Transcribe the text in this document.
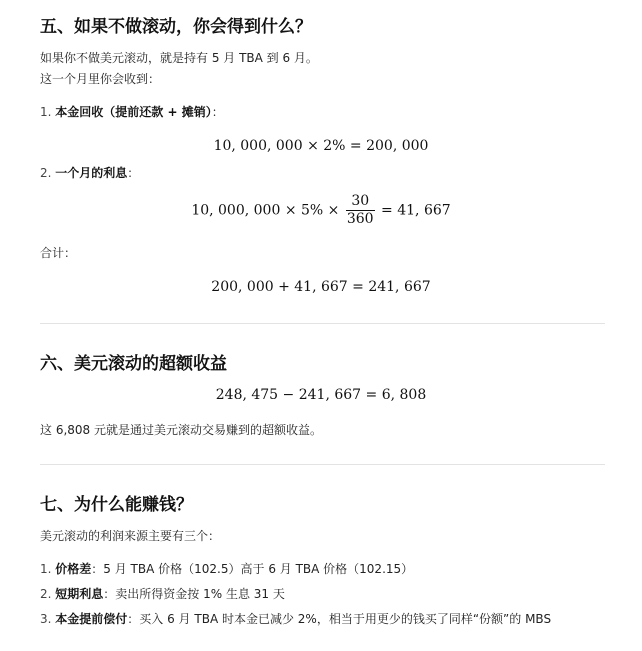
五、如果不做滚动，你会得到什么？
如果你不做美元滚动，就是持有 5 月 TBA 到 6 月。
这一个月里你会收到：
1. 本金回收（提前还款 + 摊销）：
10, 000, 000 × 2% = 200, 000
2. 一个月的利息：
10, 000, $000 \times 5\% \times \frac{30}{360} = 41$, 667
合计：
200, 000 + 41, 667 = 241, 667
六、美元滚动的超额收益
248, 475 − 241, 667 = 6, 808
这 6,808 元就是通过美元滚动交易赚到的超额收益。
七、为什么能赚钱？
美元滚动的利润来源主要有三个：
1. 价格差：5 月 TBA 价格（102.5）高于 6 月 TBA 价格（102.15）
2. 短期利息：卖出所得资金按 1% 生息 31 天
3. 本金提前偿付：买入 6 月 TBA 时本金已减少 2%，相当于用更少的钱买了同样“份额”的 MBS
